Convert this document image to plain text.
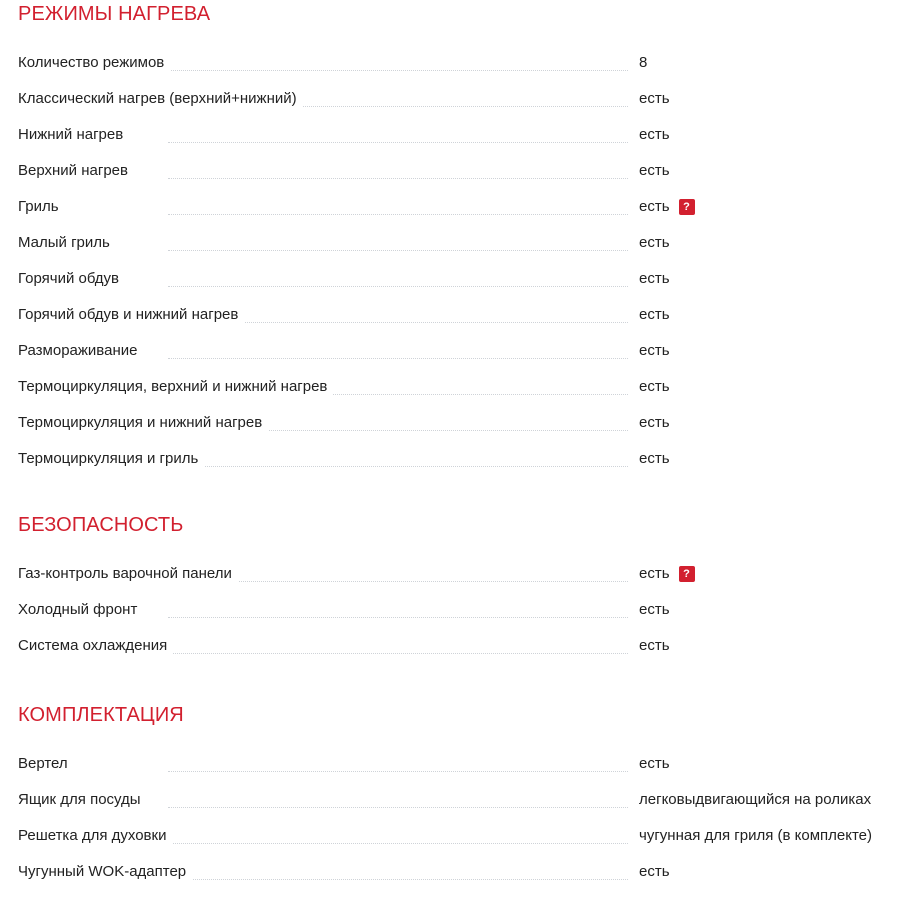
РЕЖИМЫ НАГРЕВА
Количество режимов	8
Классический нагрев (верхний+нижний)	есть
Нижний нагрев	есть
Верхний нагрев	есть
Гриль	есть ?
Малый гриль	есть
Горячий обдув	есть
Горячий обдув и нижний нагрев	есть
Размораживание	есть
Термоциркуляция, верхний и нижний нагрев	есть
Термоциркуляция и нижний нагрев	есть
Термоциркуляция и гриль	есть
БЕЗОПАСНОСТЬ
Газ-контроль варочной панели	есть ?
Холодный фронт	есть
Система охлаждения	есть
КОМПЛЕКТАЦИЯ
Вертел	есть
Ящик для посуды	легковыдвигающийся на роликах
Решетка для духовки	чугунная для гриля (в комплекте)
Чугунный WOK-адаптер	есть
